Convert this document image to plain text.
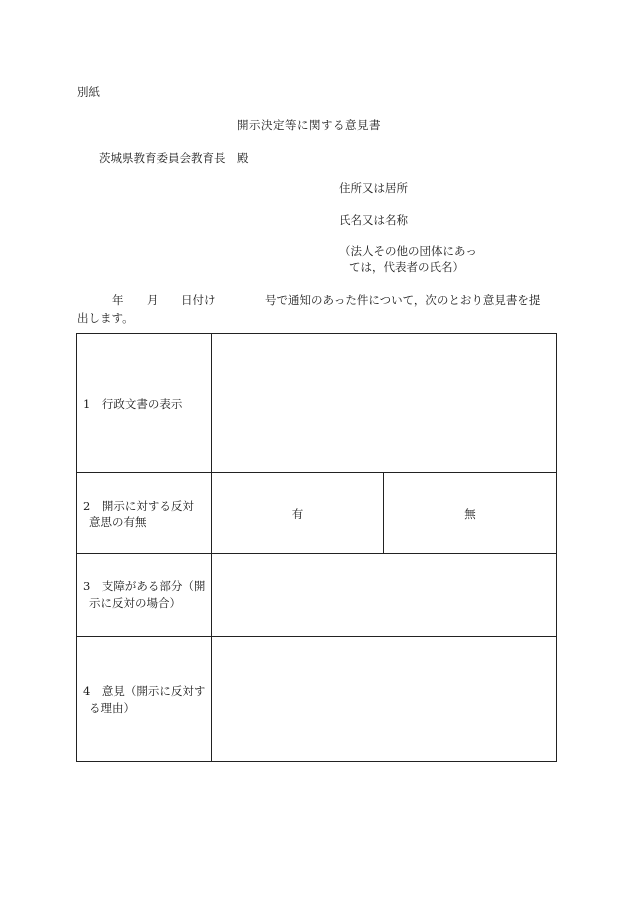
別紙
開示決定等に関する意見書
茨城県教育委員会教育長　殿
住所又は居所
氏名又は名称
（法人その他の団体にあっ
ては，代表者の氏名）
年 月 日付け	号で通知のあった件について，次のとおり意見書を提
出します。
1　行政文書の表示
2　開示に対する反対
意思の有無
有	無
3　支障がある部分（開
示に反対の場合）
4　意見（開示に反対す
る理由）
